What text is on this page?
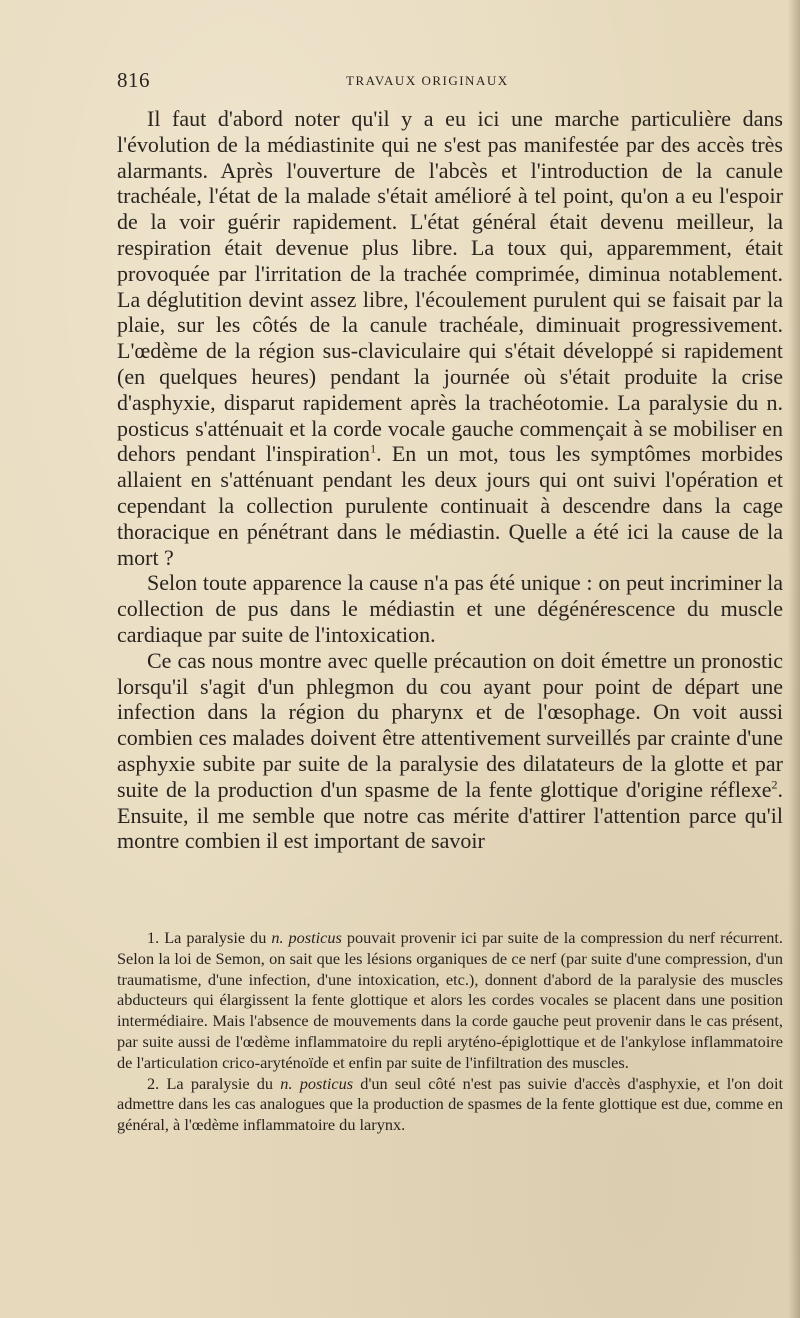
816	TRAVAUX ORIGINAUX

Il faut d'abord noter qu'il y a eu ici une marche particulière dans l'évolution de la médiastinite qui ne s'est pas manifestée par des accès très alarmants. Après l'ouverture de l'abcès et l'introduction de la canule trachéale, l'état de la malade s'était amélioré à tel point, qu'on a eu l'espoir de la voir guérir rapidement. L'état général était devenu meilleur, la respiration était devenue plus libre. La toux qui, apparemment, était provoquée par l'irritation de la trachée comprimée, diminua notablement. La déglutition devint assez libre, l'écoulement purulent qui se faisait par la plaie, sur les côtés de la canule trachéale, diminuait progressivement. L'œdème de la région sus-claviculaire qui s'était développé si rapidement (en quelques heures) pendant la journée où s'était produite la crise d'asphyxie, disparut rapidement après la trachéotomie. La paralysie du n. posticus s'atténuait et la corde vocale gauche commençait à se mobiliser en dehors pendant l'inspiration$^1$. En un mot, tous les symptômes morbides allaient en s'atténuant pendant les deux jours qui ont suivi l'opération et cependant la collection purulente continuait à descendre dans la cage thoracique en pénétrant dans le médiastin. Quelle a été ici la cause de la mort ?

Selon toute apparence la cause n'a pas été unique : on peut incriminer la collection de pus dans le médiastin et une dégénérescence du muscle cardiaque par suite de l'intoxication.

Ce cas nous montre avec quelle précaution on doit émettre un pronostic lorsqu'il s'agit d'un phlegmon du cou ayant pour point de départ une infection dans la région du pharynx et de l'œsophage. On voit aussi combien ces malades doivent être attentivement surveillés par crainte d'une asphyxie subite par suite de la paralysie des dilatateurs de la glotte et par suite de la production d'un spasme de la fente glottique d'origine réflexe$^2$. Ensuite, il me semble que notre cas mérite d'attirer l'attention parce qu'il montre combien il est important de savoir

1. La paralysie du n. posticus pouvait provenir ici par suite de la compression du nerf récurrent. Selon la loi de Semon, on sait que les lésions organiques de ce nerf (par suite d'une compression, d'un traumatisme, d'une infection, d'une intoxication, etc.), donnent d'abord de la paralysie des muscles abducteurs qui élargissent la fente glottique et alors les cordes vocales se placent dans une position intermédiaire. Mais l'absence de mouvements dans la corde gauche peut provenir dans le cas présent, par suite aussi de l'œdème inflammatoire du repli aryténo-épiglottique et de l'ankylose inflammatoire de l'articulation crico-aryténoïde et enfin par suite de l'infiltration des muscles.

2. La paralysie du n. posticus d'un seul côté n'est pas suivie d'accès d'asphyxie, et l'on doit admettre dans les cas analogues que la production de spasmes de la fente glottique est due, comme en général, à l'œdème inflammatoire du larynx.
